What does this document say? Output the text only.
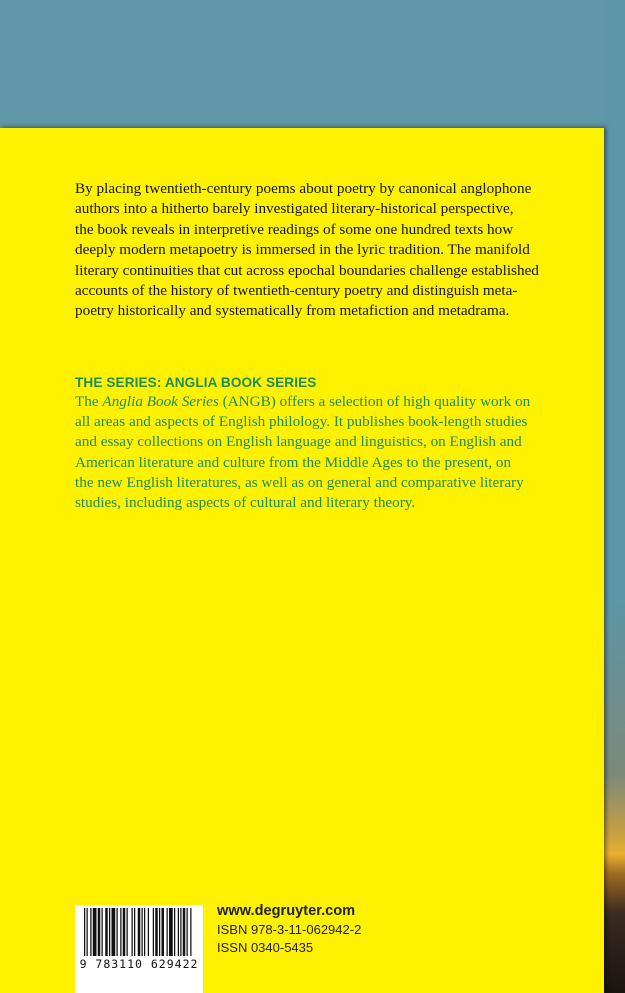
By placing twentieth-century poems about poetry by canonical anglophone
authors into a hitherto barely investigated literary-historical perspective,
the book reveals in interpretive readings of some one hundred texts how
deeply modern metapoetry is immersed in the lyric tradition. The manifold
literary continuities that cut across epochal boundaries challenge established
accounts of the history of twentieth-century poetry and distinguish meta-
poetry historically and systematically from metafiction and metadrama.

THE SERIES: ANGLIA BOOK SERIES

The Anglia Book Series (ANGB) offers a selection of high quality work on
all areas and aspects of English philology. It publishes book-length studies
and essay collections on English language and linguistics, on English and
American literature and culture from the Middle Ages to the present, on
the new English literatures, as well as on general and comparative literary
studies, including aspects of cultural and literary theory.

9 783110 629422
www.degruyter.com
ISBN 978-3-11-062942-2
ISSN 0340-5435
